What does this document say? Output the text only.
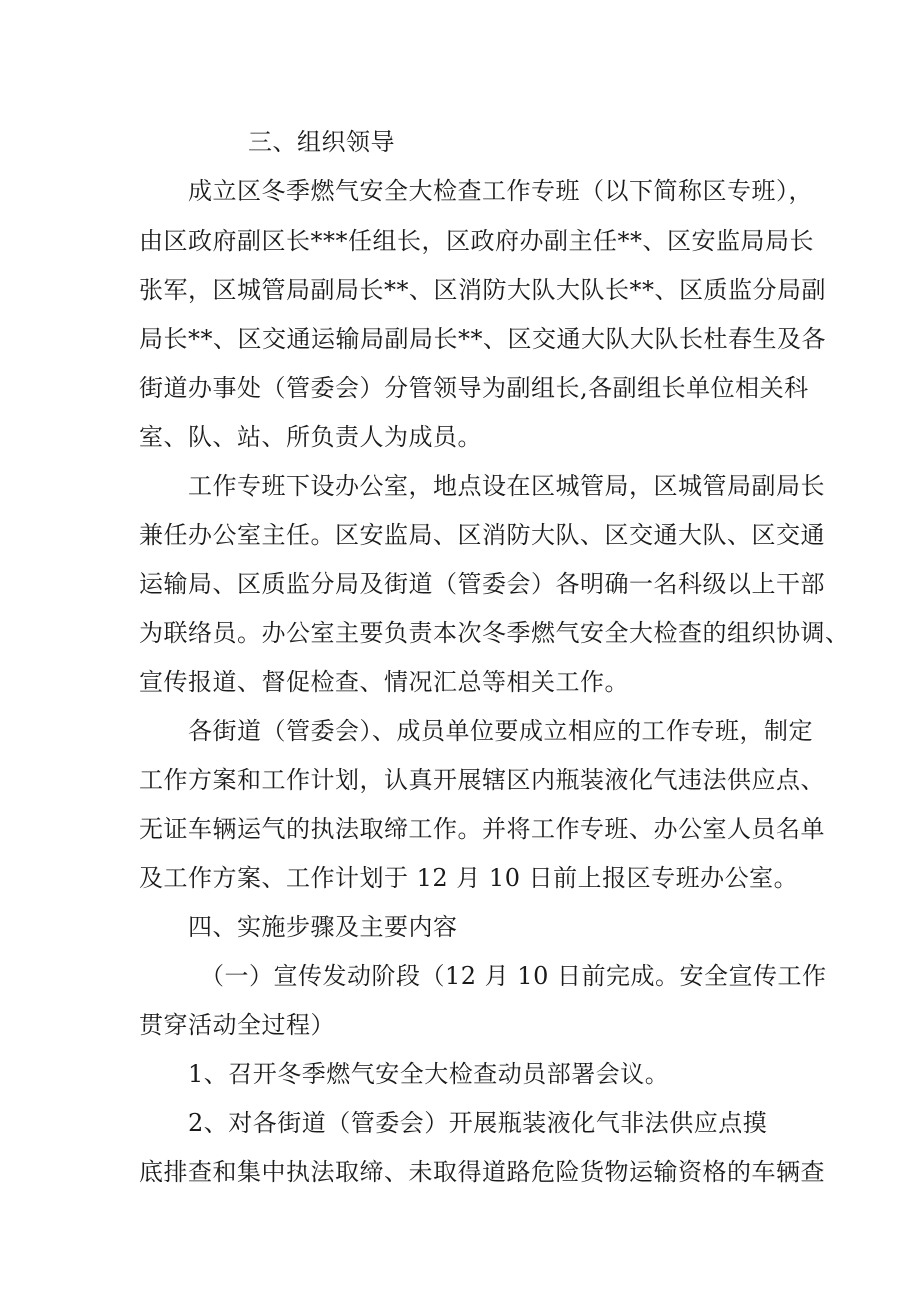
三、组织领导
成立区冬季燃气安全大检查工作专班（以下简称区专班），
由区政府副区长***任组长，区政府办副主任**、区安监局局长
张军，区城管局副局长**、区消防大队大队长**、区质监分局副
局长**、区交通运输局副局长**、区交通大队大队长杜春生及各
街道办事处（管委会）分管领导为副组长,各副组长单位相关科
室、队、站、所负责人为成员。
工作专班下设办公室，地点设在区城管局，区城管局副局长
兼任办公室主任。区安监局、区消防大队、区交通大队、区交通
运输局、区质监分局及街道（管委会）各明确一名科级以上干部
为联络员。办公室主要负责本次冬季燃气安全大检查的组织协调、
宣传报道、督促检查、情况汇总等相关工作。
各街道（管委会）、成员单位要成立相应的工作专班，制定
工作方案和工作计划，认真开展辖区内瓶装液化气违法供应点、
无证车辆运气的执法取缔工作。并将工作专班、办公室人员名单
及工作方案、工作计划于 12 月 10 日前上报区专班办公室。
四、实施步骤及主要内容
（一）宣传发动阶段（12 月 10 日前完成。安全宣传工作
贯穿活动全过程）
1、召开冬季燃气安全大检查动员部署会议。
2、对各街道（管委会）开展瓶装液化气非法供应点摸
底排查和集中执法取缔、未取得道路危险货物运输资格的车辆查
